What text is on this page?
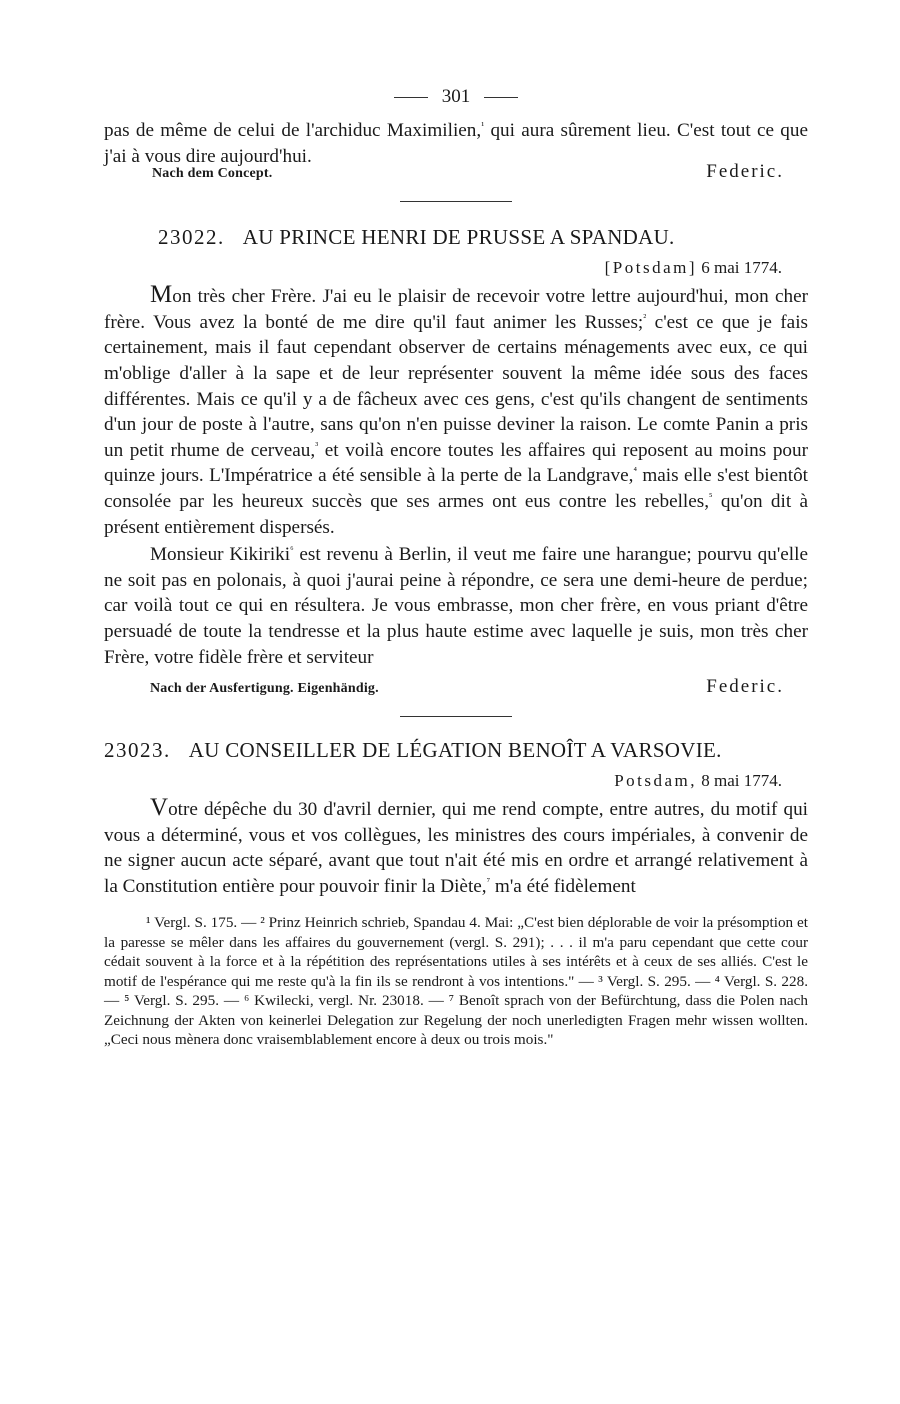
301

pas de même de celui de l'archiduc Maximilien,$^{^1}$ qui aura sûrement lieu. C'est tout ce que j'ai à vous dire aujourd'hui.

Nach dem Concept.	Federic.
23022. AU PRINCE HENRI DE PRUSSE A SPANDAU.
[Potsdam] 6 mai 1774.

Mon très cher Frère. J'ai eu le plaisir de recevoir votre lettre aujourd'hui, mon cher frère. Vous avez la bonté de me dire qu'il faut animer les Russes;$^{^2}$ c'est ce que je fais certainement, mais il faut cependant observer de certains ménagements avec eux, ce qui m'oblige d'aller à la sape et de leur représenter souvent la même idée sous des faces différentes. Mais ce qu'il y a de fâcheux avec ces gens, c'est qu'ils changent de sentiments d'un jour de poste à l'autre, sans qu'on n'en puisse deviner la raison. Le comte Panin a pris un petit rhume de cerveau,$^{^3}$ et voilà encore toutes les affaires qui reposent au moins pour quinze jours. L'Impératrice a été sensible à la perte de la Landgrave,$^{^4}$ mais elle s'est bientôt consolée par les heureux succès que ses armes ont eus contre les rebelles,$^{^5}$ qu'on dit à présent entièrement dispersés.

Monsieur Kikiriki$^{^6}$ est revenu à Berlin, il veut me faire une harangue; pourvu qu'elle ne soit pas en polonais, à quoi j'aurai peine à répondre, ce sera une demi-heure de perdue; car voilà tout ce qui en résultera. Je vous embrasse, mon cher frère, en vous priant d'être persuadé de toute la tendresse et la plus haute estime avec laquelle je suis, mon très cher Frère, votre fidèle frère et serviteur

Nach der Ausfertigung. Eigenhändig.	Federic.
23023. AU CONSEILLER DE LÉGATION BENOÎT A VARSOVIE.
Potsdam, 8 mai 1774.

Votre dépêche du 30 d'avril dernier, qui me rend compte, entre autres, du motif qui vous a déterminé, vous et vos collègues, les ministres des cours impériales, à convenir de ne signer aucun acte séparé, avant que tout n'ait été mis en ordre et arrangé relativement à la Constitution entière pour pouvoir finir la Diète,$^{^7}$ m'a été fidèlement

¹ Vergl. S. 175. — ² Prinz Heinrich schrieb, Spandau 4. Mai: „C'est bien déplorable de voir la présomption et la paresse se mêler dans les affaires du gouvernement (vergl. S. 291); . . . il m'a paru cependant que cette cour cédait souvent à la force et à la répétition des représentations utiles à ses intérêts et à ceux de ses alliés. C'est le motif de l'espérance qui me reste qu'à la fin ils se rendront à vos intentions." — ³ Vergl. S. 295. — ⁴ Vergl. S. 228. — ⁵ Vergl. S. 295. — ⁶ Kwilecki, vergl. Nr. 23018. — ⁷ Benoît sprach von der Befürchtung, dass die Polen nach Zeichnung der Akten von keinerlei Delegation zur Regelung der noch unerledigten Fragen mehr wissen wollten. „Ceci nous mènera donc vraisemblablement encore à deux ou trois mois."
